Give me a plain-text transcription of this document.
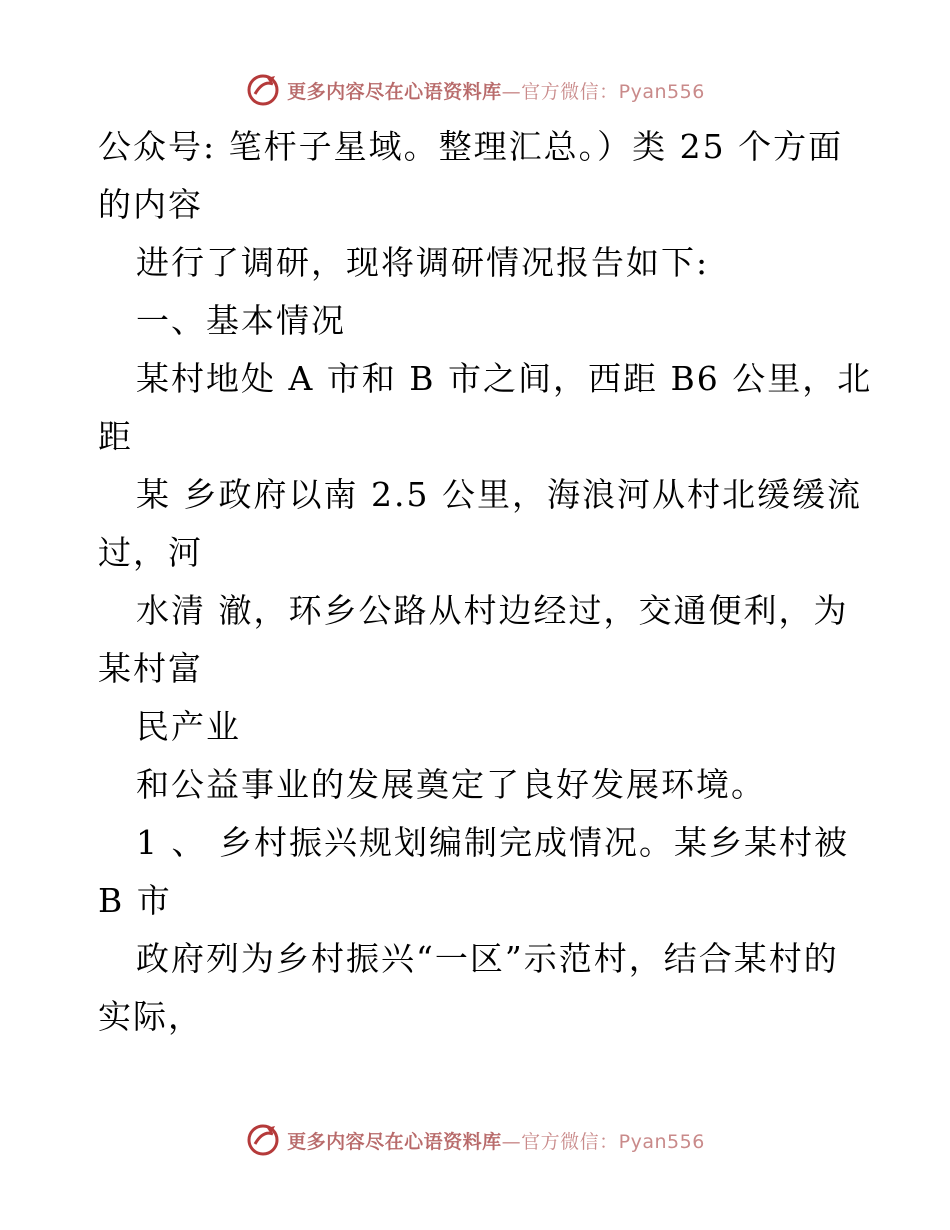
更多内容尽在心语资料库—官方微信：Pyan556
公众号: 笔杆子星域。整理汇总。）类 25 个方面
的内容
进行了调研，现将调研情况报告如下:
一、基本情况
某村地处 A 市和 B 市之间，西距 B6 公里，北
距
某 乡政府以南 2.5 公里，海浪河从村北缓缓流
过，河
水清 澈，环乡公路从村边经过，交通便利，为
某村富
民产业
和公益事业的发展奠定了良好发展环境。
1 、 乡村振兴规划编制完成情况。某乡某村被
B 市
政府列为乡村振兴“一区”示范村，结合某村的
实际，
更多内容尽在心语资料库—官方微信：Pyan556
